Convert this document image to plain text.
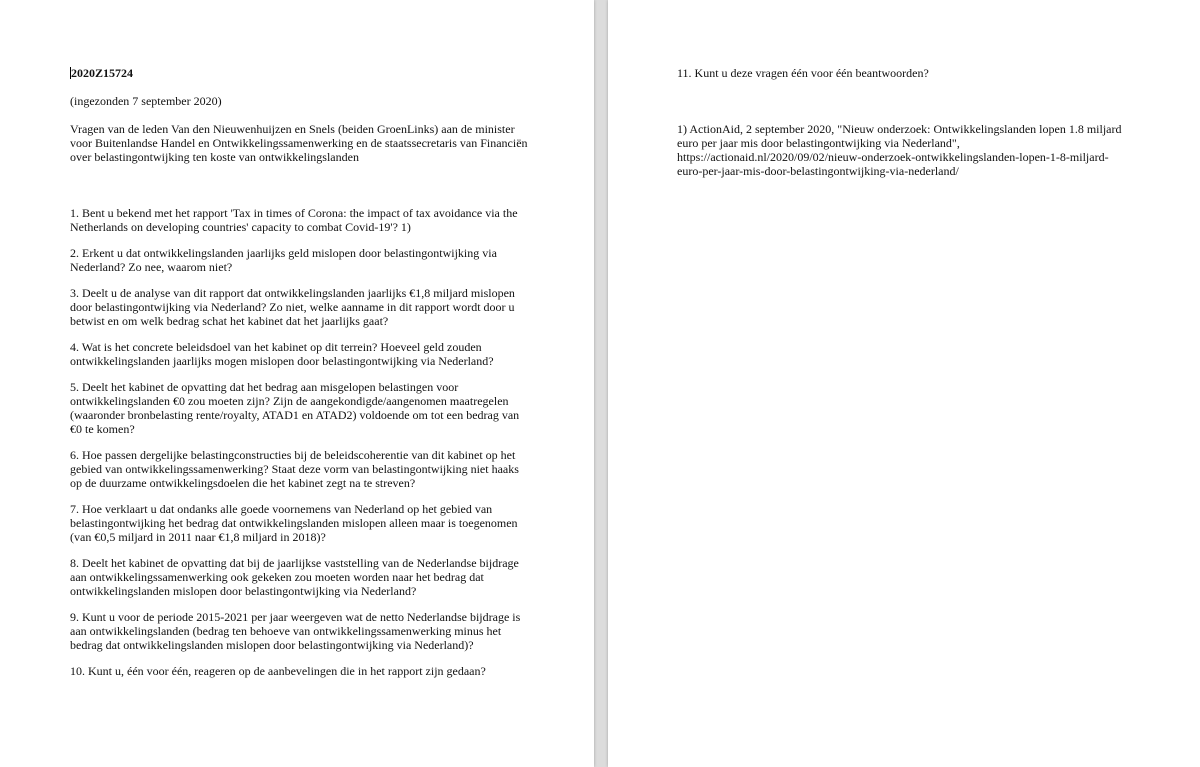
2020Z15724

(ingezonden 7 september 2020)

Vragen van de leden Van den Nieuwenhuijzen en Snels (beiden GroenLinks) aan de minister voor Buitenlandse Handel en Ontwikkelingssamenwerking en de staatssecretaris van Financiën over belastingontwijking ten koste van ontwikkelingslanden

1. Bent u bekend met het rapport 'Tax in times of Corona: the impact of tax avoidance via the Netherlands on developing countries' capacity to combat Covid-19'? 1)

2. Erkent u dat ontwikkelingslanden jaarlijks geld mislopen door belastingontwijking via Nederland? Zo nee, waarom niet?

3. Deelt u de analyse van dit rapport dat ontwikkelingslanden jaarlijks €1,8 miljard mislopen door belastingontwijking via Nederland? Zo niet, welke aanname in dit rapport wordt door u betwist en om welk bedrag schat het kabinet dat het jaarlijks gaat?

4. Wat is het concrete beleidsdoel van het kabinet op dit terrein? Hoeveel geld zouden ontwikkelingslanden jaarlijks mogen mislopen door belastingontwijking via Nederland?

5. Deelt het kabinet de opvatting dat het bedrag aan misgelopen belastingen voor ontwikkelingslanden €0 zou moeten zijn? Zijn de aangekondigde/aangenomen maatregelen (waaronder bronbelasting rente/royalty, ATAD1 en ATAD2) voldoende om tot een bedrag van €0 te komen?

6. Hoe passen dergelijke belastingconstructies bij de beleidscoherentie van dit kabinet op het gebied van ontwikkelingssamenwerking? Staat deze vorm van belastingontwijking niet haaks op de duurzame ontwikkelingsdoelen die het kabinet zegt na te streven?

7. Hoe verklaart u dat ondanks alle goede voornemens van Nederland op het gebied van belastingontwijking het bedrag dat ontwikkelingslanden mislopen alleen maar is toegenomen (van €0,5 miljard in 2011 naar €1,8 miljard in 2018)?

8. Deelt het kabinet de opvatting dat bij de jaarlijkse vaststelling van de Nederlandse bijdrage aan ontwikkelingssamenwerking ook gekeken zou moeten worden naar het bedrag dat ontwikkelingslanden mislopen door belastingontwijking via Nederland?

9. Kunt u voor de periode 2015-2021 per jaar weergeven wat de netto Nederlandse bijdrage is aan ontwikkelingslanden (bedrag ten behoeve van ontwikkelingssamenwerking minus het bedrag dat ontwikkelingslanden mislopen door belastingontwijking via Nederland)?

10. Kunt u, één voor één, reageren op de aanbevelingen die in het rapport zijn gedaan?

11. Kunt u deze vragen één voor één beantwoorden?

1) ActionAid, 2 september 2020, "Nieuw onderzoek: Ontwikkelingslanden lopen 1.8 miljard euro per jaar mis door belastingontwijking via Nederland", https://actionaid.nl/2020/09/02/nieuw-onderzoek-ontwikkelingslanden-lopen-1-8-miljard-euro-per-jaar-mis-door-belastingontwijking-via-nederland/
